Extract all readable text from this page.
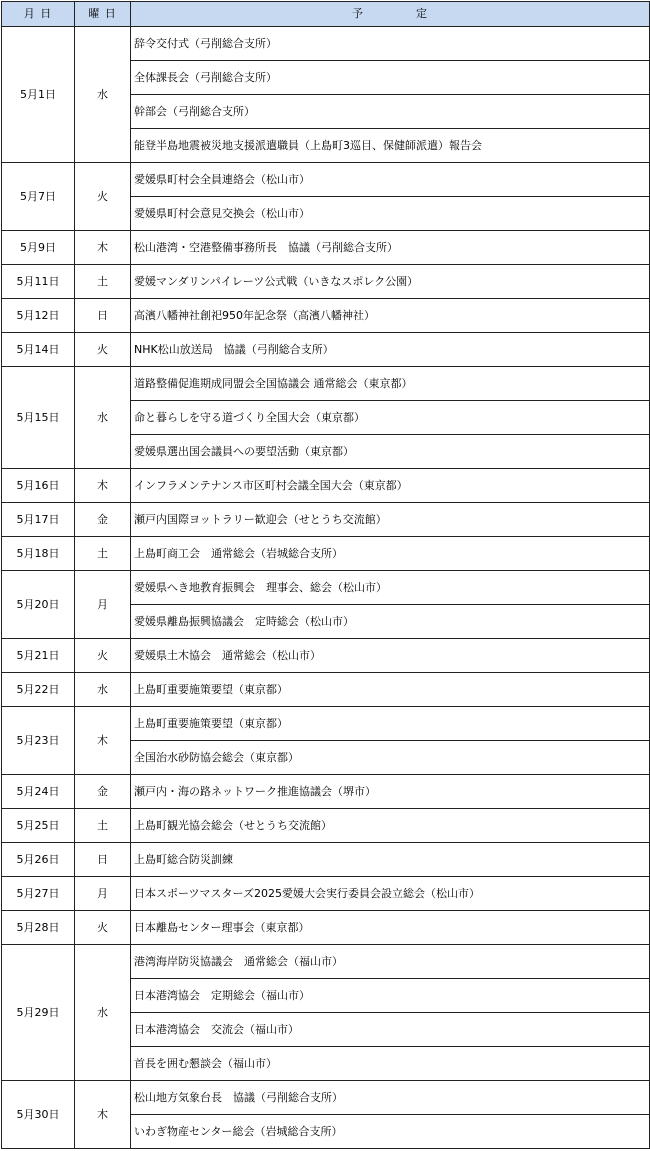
月 日	曜 日	予 定
5月1日	水	辞令交付式（弓削総合支所）
		全体課長会（弓削総合支所）
		幹部会（弓削総合支所）
		能登半島地震被災地支援派遣職員（上島町3巡目、保健師派遣）報告会
5月7日	火	愛媛県町村会全員連絡会（松山市）
		愛媛県町村会意見交換会（松山市）
5月9日	木	松山港湾・空港整備事務所長　協議（弓削総合支所）
5月11日	土	愛媛マンダリンパイレーツ公式戦（いきなスポレク公園）
5月12日	日	高濱八幡神社創祀950年記念祭（高濱八幡神社）
5月14日	火	NHK松山放送局　協議（弓削総合支所）
5月15日	水	道路整備促進期成同盟会全国協議会 通常総会（東京都）
		命と暮らしを守る道づくり全国大会（東京都）
		愛媛県選出国会議員への要望活動（東京都）
5月16日	木	インフラメンテナンス市区町村会議全国大会（東京都）
5月17日	金	瀬戸内国際ヨットラリー歓迎会（せとうち交流館）
5月18日	土	上島町商工会　通常総会（岩城総合支所）
5月20日	月	愛媛県へき地教育振興会　理事会、総会（松山市）
		愛媛県離島振興協議会　定時総会（松山市）
5月21日	火	愛媛県土木協会　通常総会（松山市）
5月22日	水	上島町重要施策要望（東京都）
5月23日	木	上島町重要施策要望（東京都）
		全国治水砂防協会総会（東京都）
5月24日	金	瀬戸内・海の路ネットワーク推進協議会（堺市）
5月25日	土	上島町観光協会総会（せとうち交流館）
5月26日	日	上島町総合防災訓練
5月27日	月	日本スポーツマスターズ2025愛媛大会実行委員会設立総会（松山市）
5月28日	火	日本離島センター理事会（東京都）
5月29日	水	港湾海岸防災協議会　通常総会（福山市）
		日本港湾協会　定期総会（福山市）
		日本港湾協会　交流会（福山市）
		首長を囲む懇談会（福山市）
5月30日	木	松山地方気象台長　協議（弓削総合支所）
		いわぎ物産センター総会（岩城総合支所）
